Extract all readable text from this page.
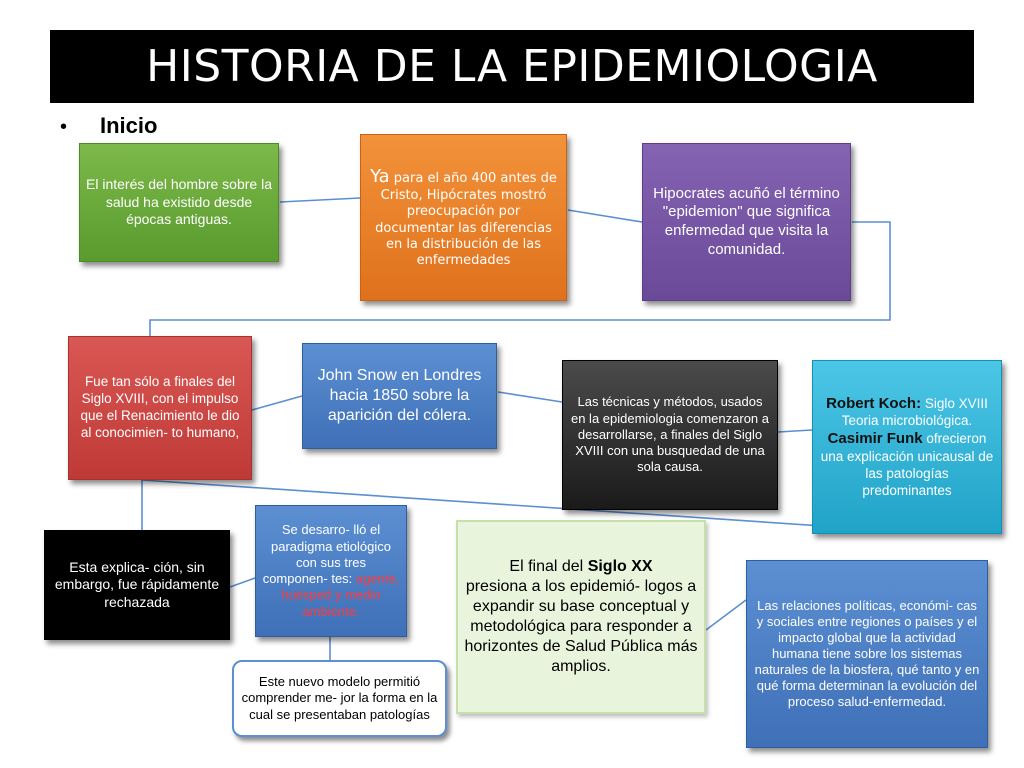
HISTORIA DE LA EPIDEMIOLOGIA
• Inicio
El interés del hombre sobre la salud ha existido desde épocas antiguas.
Ya para el año 400 antes de Cristo, Hipócrates mostró preocupación por documentar las diferencias en la distribución de las enfermedades
Hipocrates acuñó el término "epidemion" que significa enfermedad que visita la comunidad.
Fue tan sólo a finales del Siglo XVIII, con el impulso que el Renacimiento le dio al conocimien- to humano,
John Snow en Londres hacia 1850 sobre la aparición del cólera.
Las técnicas y métodos, usados en la epidemiologia comenzaron a desarrollarse, a finales del Siglo XVIII con una busquedad de una sola causa.
Robert Koch: Siglo XVIII Teoria microbiológica. Casimir Funk ofrecieron una explicación unicausal de las patologías predominantes
Esta explica- ción, sin embargo, fue rápidamente rechazada
Se desarro- lló el paradigma etiológico con sus tres componen- tes: agente, huésped y medio ambiente.
Este nuevo modelo permitió comprender me- jor la forma en la cual se presentaban patologías
El final del Siglo XX
presiona a los epidemió- logos a expandir su base conceptual y metodológica para responder a horizontes de Salud Pública más amplios.
Las relaciones políticas, económi- cas y sociales entre regiones o países y el impacto global que la actividad humana tiene sobre los sistemas naturales de la biosfera, qué tanto y en qué forma determinan la evolución del proceso salud-enfermedad.
